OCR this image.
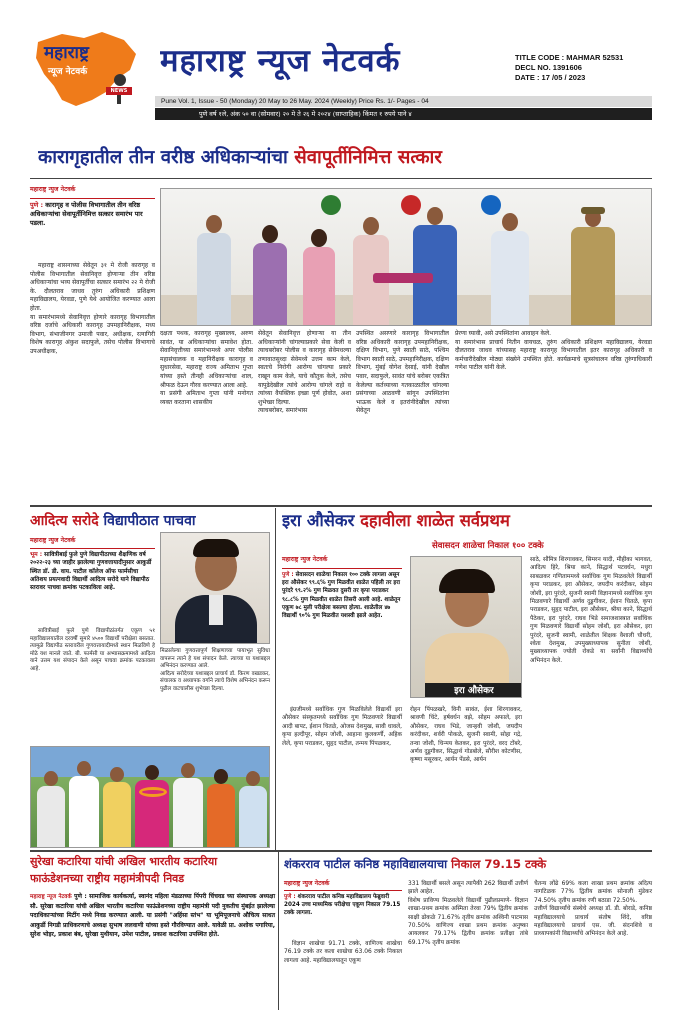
महाराष्ट्र
न्यूज नेटवर्क
NEWS
महाराष्ट्र न्यूज नेटवर्क	TITLE CODE : MAHMAR 52531
DECL NO. 1391606
DATE : 17 /05 / 2023
Pune Vol. 1, Issue - 50 (Monday) 20 May to 26 May. 2024 (Weekly) Price Rs. 1/- Pages - 04
पुणे वर्ष १ले, अंक ५० वा (सोमवार) २० मे ते २६ मे २०२४ (साप्ताहिक) किंमत १ रुपये पाने ४
कारागृहातील तीन वरीष्ठ अधिकाऱ्यांचा सेवापूर्तीनिमित्त सत्कार
महाराष्ट्र न्युज नेटवर्क
पुणे : कारागृह व पोलीस विभागातील तीन वरिष्ठ अधिकाऱ्यांचा सेवापूर्तीनिमित्त सत्कार समारंभ पार पडला.
महाराष्ट्र शासनाच्या सेवेतून ३१ मे रोजी कारागृह व पोलीस विभागातील सेवानिवृत्त होणाऱ्या तीन वरिष्ठ अधिकाऱ्यांचा भव्य सेवापूर्तीचा सत्कार समारंभ २२ मे रोजी के. दौलतराव जाधव तुरुंग अधिकारी प्रशिक्षण महाविद्यालय, येरवडा, पुणे येथे आयोजित करण्यात आला होता.
या समारंभामध्ये सेवानिवृत्त होणारे कारागृह विभागातील वरिष्ठ दर्जाचे अधिकारी कारागृह उपमहानिरीक्षक, मध्य विभाग, संभाजीनगर उमाजी पवार, अधीक्षक, रत्नागिरी विशेष कारागृह अंकुश सदाफुले, तसेच पोलीस विभागाचे उपअधीक्षक,
दक्षता पथक, कारागृह मुख्यालय, अरुण सावंत, या अधिकाऱ्यांचा समावेश होता. सेवानिवृत्तीच्या समारंभामध्ये अपर पोलीस महासंचालक व महानिरीक्षक कारागृह व सुधारसेवा, महाराष्ट्र राज्य अमिताभ गुप्ता यांच्या हस्ते तीनही अधिकाऱ्यांचा शाल, श्रीफळ देऊन गौरव करण्यात आला आहे.
या प्रसंगी अमिताभ गुप्ता यांनी मनोगत व्यक्त करताना शासकीय
सेवेतून सेवानिवृत्त होणाऱ्या या तीन अधिकाऱ्यांनी चांगल्याप्रकारे सेवा केली व त्याचबरोबर पोलीस व कारागृह सेवेमधल्या तणावातसुध्दा सेवेमध्ये उत्तम काम केले, स्वतःचे निरोगी आरोग्य चांगल्या प्रकारे राखून काम केले, याचे कौतुक केले, तसेच यापुढेदेखील त्यांचे आरोग्य चांगले राहो व त्यांच्या वैयक्तिक इच्छा पूर्ण होवोत, अशा शुभेच्छा दिल्या.
त्याचबरोबर, समारंभास
उपस्थित असणारे कारागृह विभागातील वरिष्ठ अधिकारी कारागृह उपमहानिरीक्षक, दक्षिण विभाग, पुणे स्वाती साठे, पश्चिम विभाग स्वाती साठे, उपमहानिरीक्षक, दक्षिण विभाग, मुंबई योगेश देसाई, यांनी देखील पवार, सदाफुले, सावंत यांचे बरोबर एकत्रित केलेल्या कर्तव्याच्या गतकाळातील चांगल्या प्रसंगाच्या आठवणी सांगून उपस्थितांना भाऊक केले व इतरांनीदेखील त्यांच्या सेवेतून
प्रेरणा घ्यावी, असे उपस्थितांना आवाहन केले.
या समारंभास प्राचार्य नितीन वायचळ, तुरुंग अधिकारी प्रशिक्षण महाविद्यालय, येरवडा दौलतराव जाधव यांच्यासह महाराष्ट्र कारागृह विभागातील इतर कारागृह अधिकारी व कर्मचारीदेखील मोठ्या संख्येने उपस्थित होते. कार्यक्रमाचे सूत्रसंचालन वरिष्ठ तुरुंगाधिकारी गणेश पाटील यांनी केले.
आदित्य सरोदे विद्यापीठात पाचवा
महाराष्ट्र न्युज नेटवर्क
भूम : सावित्रीबाई फुले पुणे विद्यापीठाच्या शैक्षणिक वर्ष २०२२-२३ च्या जाहीर झालेल्या गुणवत्तायादीनुसार आकुर्डी स्थित डॉ. डी. वाय. पाटील कॉलेज ऑफ फार्मसीचा अतिशय प्रयत्नवादी विद्यार्थी आदित्य सरोदे याने विद्यापीठ स्तरावर पाचवा क्रमांक पटकाविला आहे.
सावित्रीबाई फुले पुणे विद्यापीठांतर्गत एकूण ५१ महाविद्यालयातील दरवर्षी सुमारे ४५०० विद्यार्थी परीक्षेला बसतात. त्यामुळे विद्यापीठ स्तरावरील गुणवत्तायादीमध्ये स्थान मिळविणे हे मोठे यश मानले जाते. बी. फार्मसी या अभ्यासक्रमामध्ये आदित्य याने उत्तम यश संपादन केले असून पाचवा क्रमांक पटकावला आहे.
मिळालेल्या गुणवत्तापूर्ण शिक्षणाच्या पायाभूत सुविधा वापरून त्याने हे यश संपादन केले. त्याच्या या यशाबद्दल अभिनंदन करण्यात आले.
आदित्य सरोदेच्या यशाबद्दल प्राचार्य डॉ. किरण वखडकर, संचालक व अध्यापक वर्गाने त्याचे विशेष अभिनंदन करून पुढील वाटचालीस शुभेच्छा दिल्या.
इरा औसेकर दहावीला शाळेत सर्वप्रथम
सेवासदन शाळेचा निकाल १०० टक्के
महाराष्ट्र न्युज नेटवर्क
पुणे : सेवासदन शाळेचा निकाल १०० टक्के लागला असून इरा औसेकर ९९.६% गुण मिळवीत शाळेत पहिली तर इरा पुरंदरे ९९.२% गुण मिळवत दुसरी तर कृपा पराडकर ९८.८% गुण मिळवीत शाळेत तिसरी आली आहे. शाळेतून एकूण ७८ मुली परीक्षेला बसल्या होत्या. शाळेतील ४७ विद्यार्थी ९०% गुण मिळवीत यशस्वी झाले आहेत.
इरा औसेकर
इंग्रजीमध्ये सर्वाधिक गुण मिळविलेले विद्यार्थी इरा औसेकर संस्कृतमध्ये सर्वाधिक गुण मिळवणारे विद्यार्थी आदी बापट, ईशान चितळे, ओजस देशमुख, सावी धावले, कृपा हल्दीपूर, सोहम जोशी, आहाना कुलकर्णी, अहिक लेले, कृपा पराडकर, सुहृद पाटील, तन्मय पिंपळकर,
रोहन पिंपळखरे, विनी सावंत, ईशा शिरगावकर, श्रावणी चिंटे, हर्षवर्धन वझे, सोहम अफाले, इरा औसेकर, राघव भिडे, जान्हवी जोशी, जयदीप करंदीकर, शर्वरी पोकळे, सुजनी स्वामी, सोहा गद्रे, तन्वा जोशी, चिन्मय केतकर, इरा पुरंदरे, वरद टोंबरे, अर्णव दुड्डगीकर, सिद्धार्थ गोडबोले, सौरीश कोटणीस, कृष्णा मसूरकर, आर्यन पेंडसे, आर्यन
साठे, सौमित्र शिरगावकर, सिमरन यादी, मीहीका भागवत, आदित्य हिरे, श्रिया काने, सिद्धार्थ पटवर्धन, मधुरा साबळकर गणिताममध्ये सर्वाधिक गुण मिळवलेले विद्यार्थी कृपा पराडकर, इरा औसेकर, जयदीप करंदीकर, सोहम जोशी, इरा पुरंदरे, सुजनी स्वामी विज्ञानामध्ये सर्वाधिक गुण मिळवणारे विद्यार्थी अर्णव दुड्डगीकर, ईशान चितळे, कृपा पराडकर, सुहृद पाटील, इरा औसेकर, श्रीया काने, सिद्धार्थ पैठेकर, इरा पुरंदरे, राघव भिडे समाजशास्त्रात सर्वाधिक गुण मिळवणारे विद्यार्थी सोहम जोशी, इरा औसेकर, इरा पुरंदरे, सुजनी स्वामी, शाळेतील शिक्षक वैशाली चौधरी, श्वेता देशमुख, उपमुख्याध्यापक सुनीता जोशी, मुख्याध्यापक ज्योती रोकडे या सर्वांनी विद्यार्थ्यांचे अभिनंदन केले.
सुरेखा कटारिया यांची अखिल भारतीय कटारिया
फाऊंडेशनच्या राष्ट्रीय महामंत्रीपदी निवड
महाराष्ट्र न्यूज नेटवर्क पुणे : सामाजिक कार्यकर्त्या, स्वानंद महिला मंडळाच्या पिंपरी चिंचवड च्या संस्थापक अध्यक्षा सौ. सुरेखा कटारिया यांची अखिल भारतीय कटारिया फाऊंडेशनच्या राष्ट्रीय महामंत्री पदी नुकतीच मुंबईत झालेल्या पदाधिकाऱ्यांच्या मिटींग मध्ये निवड करण्यात आली. या प्रसंगी "अहिंसा स्तंभ" या भूमिपूजनाचे औचित्य साधत आकुर्डी निगडी प्राधिकरणाचे अध्यक्ष सुभाष ललवाणी यांच्या हस्ते गौरविण्यात आले. यावेळी प्रा. अशोक पगारिया, सुरेश भोइर, प्रकाश बंब, सुरेखा मुथीयान, उमेश पाटील, प्रकाश कटारिया उपस्थित होते.
शंकरराव पाटील कनिष्ठ महाविद्यालयाचा निकाल 79.15 टक्के
महाराष्ट्र न्युज नेटवर्क
पुणे : शंकरराव पाटील कनिष्ठ महाविद्यालय फेब्रुवारी 2024 उच्च माध्यमिक परीक्षेचा एकूण निकाल 79.15 टक्के लागला.
विज्ञान शाखेचा 91.71 टक्के, वाणिज्य शाखेचा 76.19 टक्के तर कला शाखेचा 63.06 टक्के निकाल लागला आहे. महाविद्यालयातून एकूण
331 विद्यार्थी बसले असून त्यापैकी 262 विद्यार्थी उत्तीर्ण झाले आहेत.
विशेष प्राविण्य मिळवलेले विद्यार्थी पुढीलप्रमाणे- विज्ञान शाखा-प्रथम क्रमांक अस्मिता तेरवा 79% द्वितीय क्रमांक साक्षी ढोकळे 71.67% तृतीय क्रमांक अश्विनी पाटमास 70.50% वाणिज्य शाखा प्रथम क्रमांक अनुष्का आयलकर 79.17% द्वितीय क्रमांक प्रतीक्षा तांबे 69.17% तृतीय क्रमांक
चैतन्य लोंढे 69% कला शाखा प्रथम क्रमांक अदित्य नागटिळक 77% द्वितीय क्रमांक सोनाली मुंडेकर 74.50% तृतीय क्रमांक रणी बठाडा 72.50%.
उत्तीर्ण विद्यार्थ्यांचे संस्थेचे अध्यक्ष डॉ. डी. बोराडे, कनिष्ठ महाविद्यालयाचे प्राचार्य संतोष शिंदे, वरिष्ठ महाविद्यालयाचे प्राचार्य एस. जी. संदनशिवे व प्राध्यापकांनी विद्यार्थ्यांचे अभिनंदन केले आहे.
